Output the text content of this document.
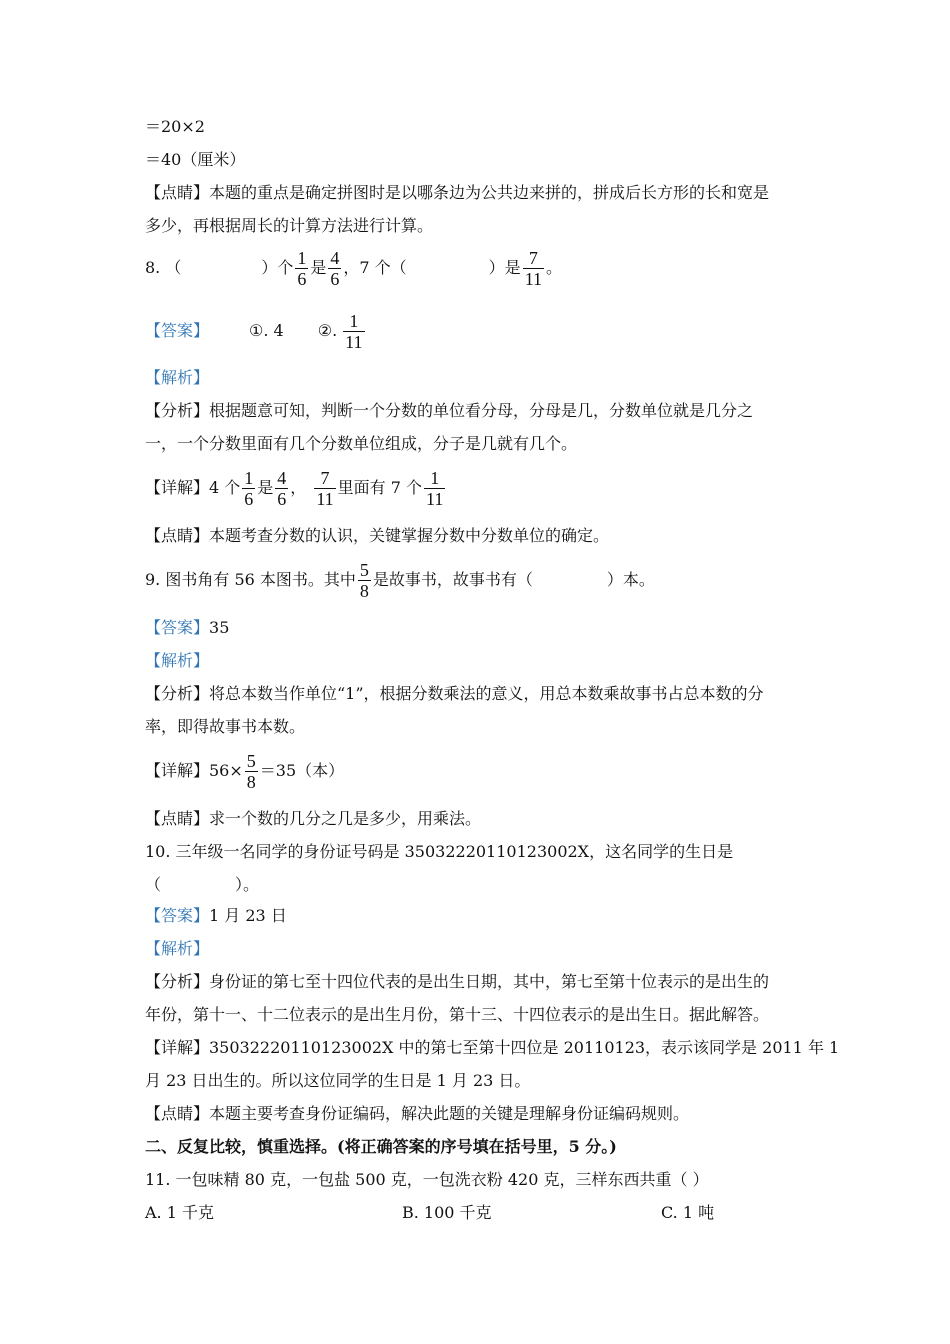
＝20×2
＝40（厘米）
【点睛】本题的重点是确定拼图时是以哪条边为公共边来拼的，拼成后长方形的长和宽是
多少，再根据周长的计算方法进行计算。
8. （	）个 $\frac{1}{6}$ 是 $\frac{4}{6}$ ，7 个（	）是 $\frac{7}{11}$ 。
【答案】	①. 4 ②. $\frac{1}{11}$
【解析】
【分析】根据题意可知，判断一个分数的单位看分母，分母是几，分数单位就是几分之
一，一个分数里面有几个分数单位组成，分子是几就有几个。
【详解】4 个 $\frac{1}{6}$ 是 $\frac{4}{6}$ ， $\frac{7}{11}$ 里面有 7 个 $\frac{1}{11}$
【点睛】本题考查分数的认识，关键掌握分数中分数单位的确定。
9. 图书角有 56 本图书。其中 $\frac{5}{8}$ 是故事书，故事书有（	）本。
【答案】35
【解析】
【分析】将总本数当作单位“1”，根据分数乘法的意义，用总本数乘故事书占总本数的分
率，即得故事书本数。
【详解】$56\times \frac{5}{8} =35$（本）
【点睛】求一个数的几分之几是多少，用乘法。
10. 三年级一名同学的身份证号码是 35032220110123002X，这名同学的生日是
（	）。
【答案】1 月 23 日
【解析】
【分析】身份证的第七至十四位代表的是出生日期，其中，第七至第十位表示的是出生的
年份，第十一、十二位表示的是出生月份，第十三、十四位表示的是出生日。据此解答。
【详解】35032220110123002X 中的第七至第十四位是 20110123，表示该同学是 2011 年 1
月 23 日出生的。所以这位同学的生日是 1 月 23 日。
【点睛】本题主要考查身份证编码，解决此题的关键是理解身份证编码规则。
二、反复比较，慎重选择。(将正确答案的序号填在括号里，5 分。)
11. 一包味精 80 克，一包盐 500 克，一包洗衣粉 420 克，三样东西共重（ ）
A. 1 千克	B. 100 千克	C. 1 吨
